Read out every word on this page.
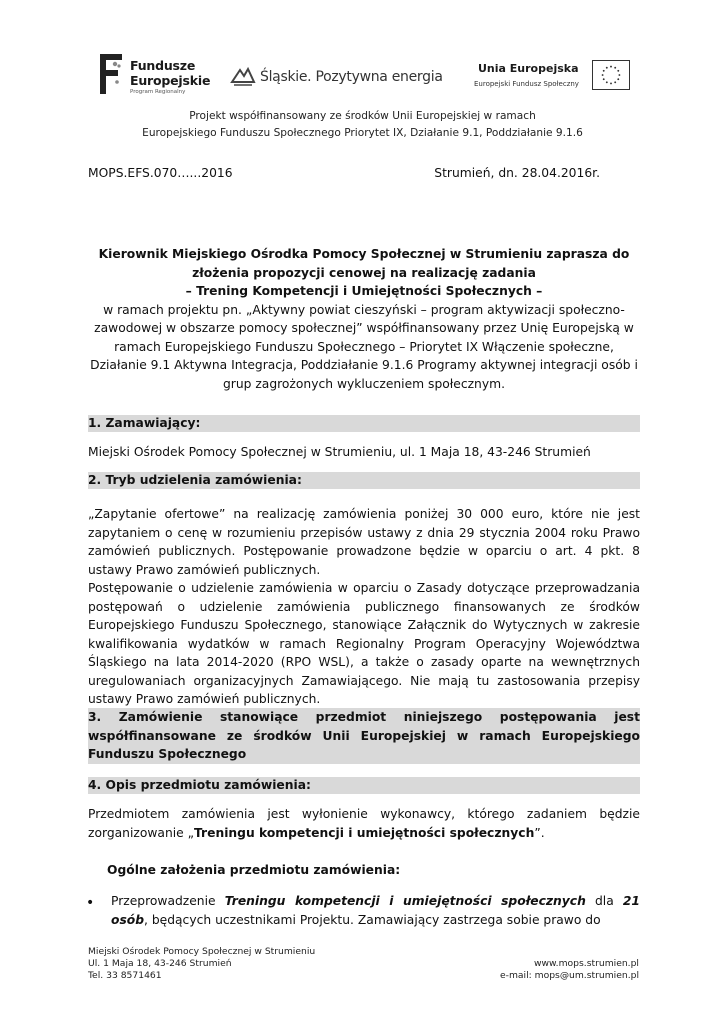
Fundusze
Europejskie
Program Regionalny
Śląskie. Pozytywna energia
Unia Europejska
Europejski Fundusz Społeczny
Projekt współfinansowany ze środków Unii Europejskiej w ramach
Europejskiego Funduszu Społecznego Priorytet IX, Działanie 9.1, Poddziałanie 9.1.6
MOPS.EFS.070…...2016	Strumień, dn. 28.04.2016r.
Kierownik Miejskiego Ośrodka Pomocy Społecznej w Strumieniu zaprasza do
złożenia propozycji cenowej na realizację zadania
– Trening Kompetencji i Umiejętności Społecznych –
w ramach projektu pn. „Aktywny powiat cieszyński – program aktywizacji społeczno-
zawodowej w obszarze pomocy społecznej” współfinansowany przez Unię Europejską w
ramach Europejskiego Funduszu Społecznego – Priorytet IX Włączenie społeczne,
Działanie 9.1 Aktywna Integracja, Poddziałanie 9.1.6 Programy aktywnej integracji osób i
grup zagrożonych wykluczeniem społecznym.
1. Zamawiający:

Miejski Ośrodek Pomocy Społecznej w Strumieniu, ul. 1 Maja 18, 43-246 Strumień

2. Tryb udzielenia zamówienia:

„Zapytanie ofertowe” na realizację zamówienia poniżej 30 000 euro, które nie jest zapytaniem o cenę w rozumieniu przepisów ustawy z dnia 29 stycznia 2004 roku Prawo zamówień publicznych. Postępowanie prowadzone będzie w oparciu o art. 4 pkt. 8 ustawy Prawo zamówień publicznych.

Postępowanie o udzielenie zamówienia w oparciu o Zasady dotyczące przeprowadzania postępowań o udzielenie zamówienia publicznego finansowanych ze środków Europejskiego Funduszu Społecznego, stanowiące Załącznik do Wytycznych w zakresie kwalifikowania wydatków w ramach Regionalny Program Operacyjny Województwa Śląskiego na lata 2014-2020 (RPO WSL), a także o zasady oparte na wewnętrznych uregulowaniach organizacyjnych Zamawiającego. Nie mają tu zastosowania przepisy ustawy Prawo zamówień publicznych.

3. Zamówienie stanowiące przedmiot niniejszego postępowania jest współfinansowane ze środków Unii Europejskiej w ramach Europejskiego Funduszu Społecznego
4. Opis przedmiotu zamówienia:

Przedmiotem zamówienia jest wyłonienie wykonawcy, którego zadaniem będzie zorganizowanie „Treningu kompetencji i umiejętności społecznych”.

Ogólne założenia przedmiotu zamówienia:
• Przeprowadzenie Treningu kompetencji i umiejętności społecznych dla 21 osób, będących uczestnikami Projektu. Zamawiający zastrzega sobie prawo do
Miejski Ośrodek Pomocy Społecznej w Strumieniu
Ul. 1 Maja 18, 43-246 Strumień
Tel. 33 8571461
www.mops.strumien.pl
e-mail: mops@um.strumien.pl
